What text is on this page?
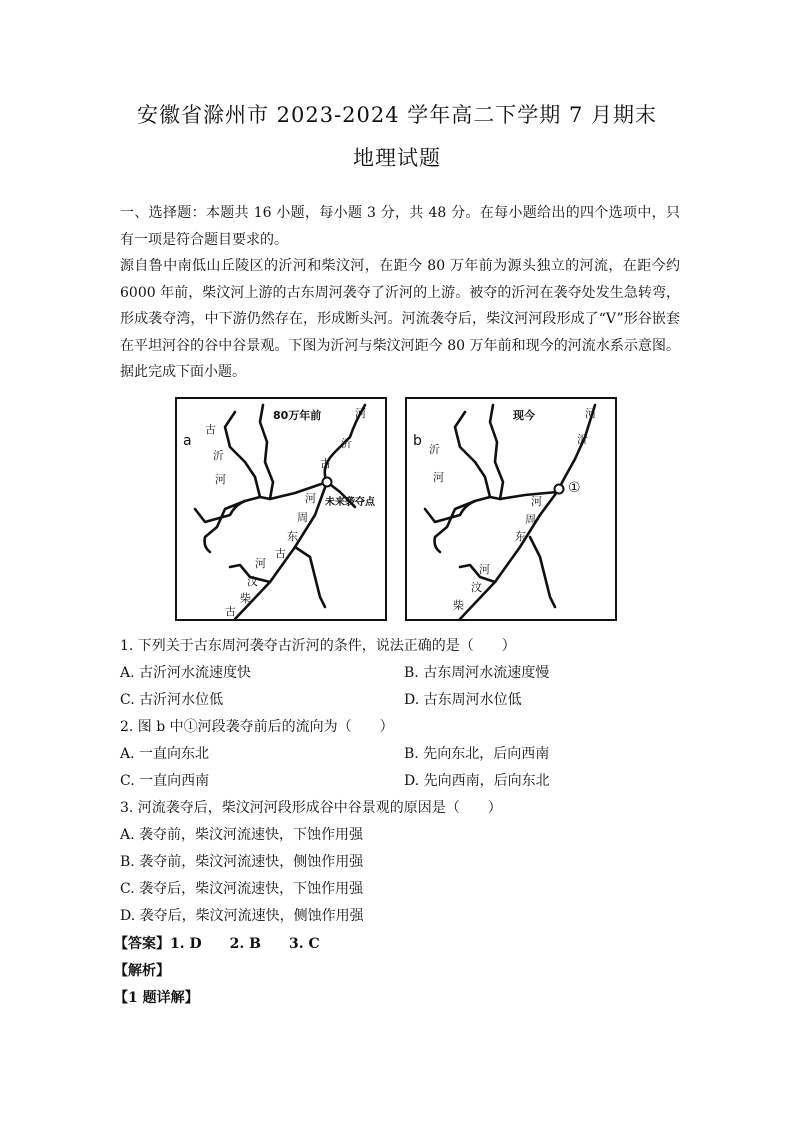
安徽省滁州市 2023-2024 学年高二下学期 7 月期末
地理试题
一、选择题：本题共 16 小题，每小题 3 分，共 48 分。在每小题给出的四个选项中，只有一项是符合题目要求的。
源自鲁中南低山丘陵区的沂河和柴汶河，在距今 80 万年前为源头独立的河流，在距今约 6000 年前，柴汶河上游的古东周河袭夺了沂河的上游。被夺的沂河在袭夺处发生急转弯，形成袭夺湾，中下游仍然存在，形成断头河。河流袭夺后，柴汶河河段形成了“V”形谷嵌套在平坦河谷的谷中谷景观。下图为沂河与柴汶河距今 80 万年前和现今的河流水系示意图。据此完成下面小题。
a
80万年前
古
沂
河
河
沂
古
河
周
东
古
河
汶
柴
古
未来袭夺点
b
现今
沂
河
河
沂
河
周
东
河
汶
柴
①
1. 下列关于古东周河袭夺古沂河的条件，说法正确的是（　　）
A. 古沂河水流速度快	B. 古东周河水流速度慢
C. 古沂河水位低	D. 古东周河水位低
2. 图 b 中①河段袭夺前后的流向为（　　）
A. 一直向东北	B. 先向东北，后向西南
C. 一直向西南	D. 先向西南，后向东北
3. 河流袭夺后，柴汶河河段形成谷中谷景观的原因是（　　）
A. 袭夺前，柴汶河流速快，下蚀作用强
B. 袭夺前，柴汶河流速快，侧蚀作用强
C. 袭夺后，柴汶河流速快，下蚀作用强
D. 袭夺后，柴汶河流速快，侧蚀作用强
【答案】1. D　　2. B　　3. C
【解析】
【1 题详解】
